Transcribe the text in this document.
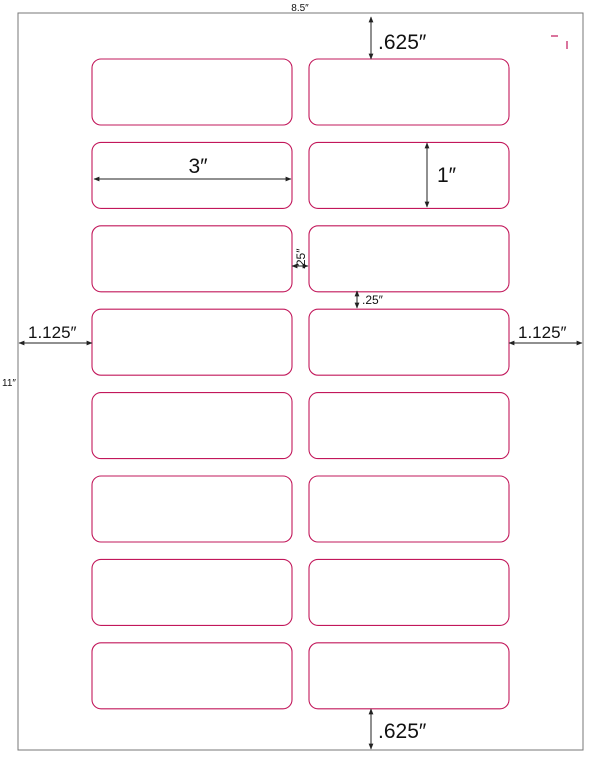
8.5″
11″
.625″
3″	1″
.25″
.25″
1.125″	1.125″
.625″
